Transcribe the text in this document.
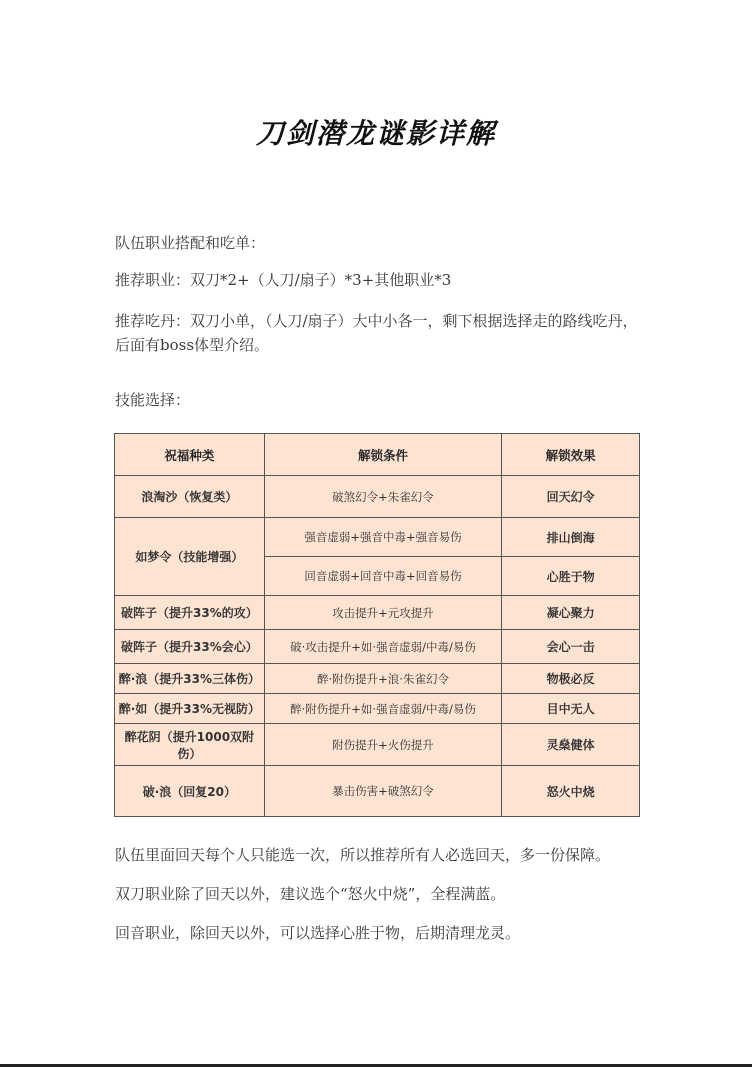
刀剑潜龙谜影详解
队伍职业搭配和吃单：
推荐职业：双刀*2+（人刀/扇子）*3+其他职业*3
推荐吃丹：双刀小单，（人刀/扇子）大中小各一，剩下根据选择走的路线吃丹，后面有boss体型介绍。
技能选择：
祝福种类	解锁条件	解锁效果
浪淘沙（恢复类）	破煞幻令+朱雀幻令	回天幻令
如梦令（技能增强）	强音虚弱+强音中毒+强音易伤	排山倒海
	回音虚弱+回音中毒+回音易伤	心胜于物
破阵子（提升33%的攻）	攻击提升+元攻提升	凝心聚力
破阵子（提升33%会心）	破·攻击提升+如·强音虚弱/中毒/易伤	会心一击
醉·浪（提升33%三体伤）	醉·附伤提升+浪·朱雀幻令	物极必反
醉·如（提升33%无视防）	醉·附伤提升+如·强音虚弱/中毒/易伤	目中无人
醉花阴（提升1000双附伤）	附伤提升+火伤提升	灵燊健体
破·浪（回复20）	暴击伤害+破煞幻令	怒火中烧
队伍里面回天每个人只能选一次，所以推荐所有人必选回天，多一份保障。
双刀职业除了回天以外，建议选个“怒火中烧”，全程满蓝。
回音职业，除回天以外，可以选择心胜于物，后期清理龙灵。
